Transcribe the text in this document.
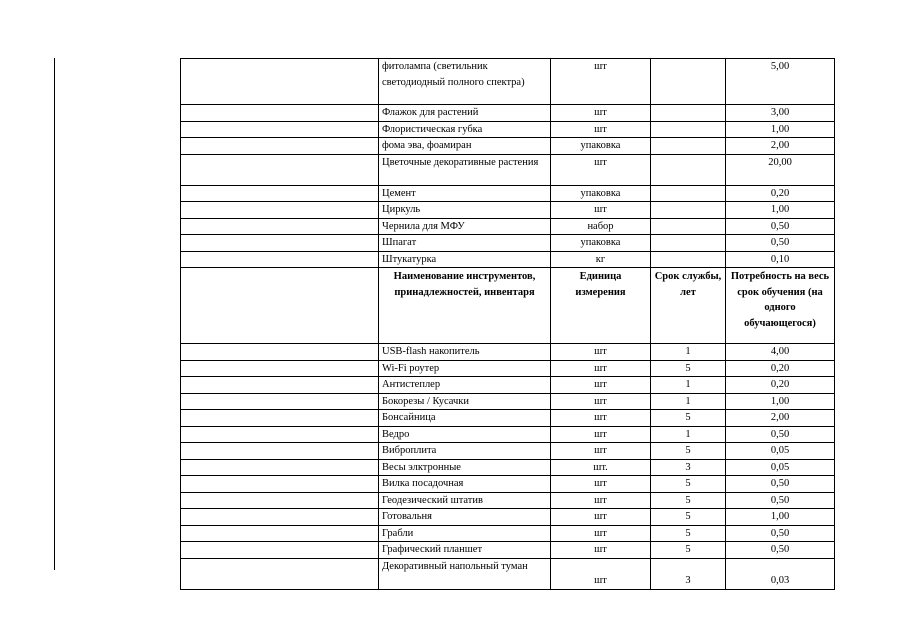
	фитолампа (светильник светодиодный полного спектра)	шт		5,00
	Флажок для растений	шт		3,00
	Флористическая губка	шт		1,00
	фома эва, фоамиран	упаковка		2,00
	Цветочные декоративные растения	шт		20,00
	Цемент	упаковка		0,20
	Циркуль	шт		1,00
	Чернила для МФУ	набор		0,50
	Шпагат	упаковка		0,50
	Штукатурка	кг		0,10
	Наименование инструментов, принадлежностей, инвентаря	Единица измерения	Срок службы, лет	Потребность на весь срок обучения (на одного обучающегося)
	USB-flash накопитель	шт	1	4,00
	Wi-Fi роутер	шт	5	0,20
	Антистеплер	шт	1	0,20
	Бокорезы / Кусачки	шт	1	1,00
	Бонсайница	шт	5	2,00
	Ведро	шт	1	0,50
	Виброплита	шт	5	0,05
	Весы элктронные	шт.	3	0,05
	Вилка посадочная	шт	5	0,50
	Геодезический штатив	шт	5	0,50
	Готовальня	шт	5	1,00
	Грабли	шт	5	0,50
	Графический планшет	шт	5	0,50
	Декоративный напольный туман	шт	3	0,03
